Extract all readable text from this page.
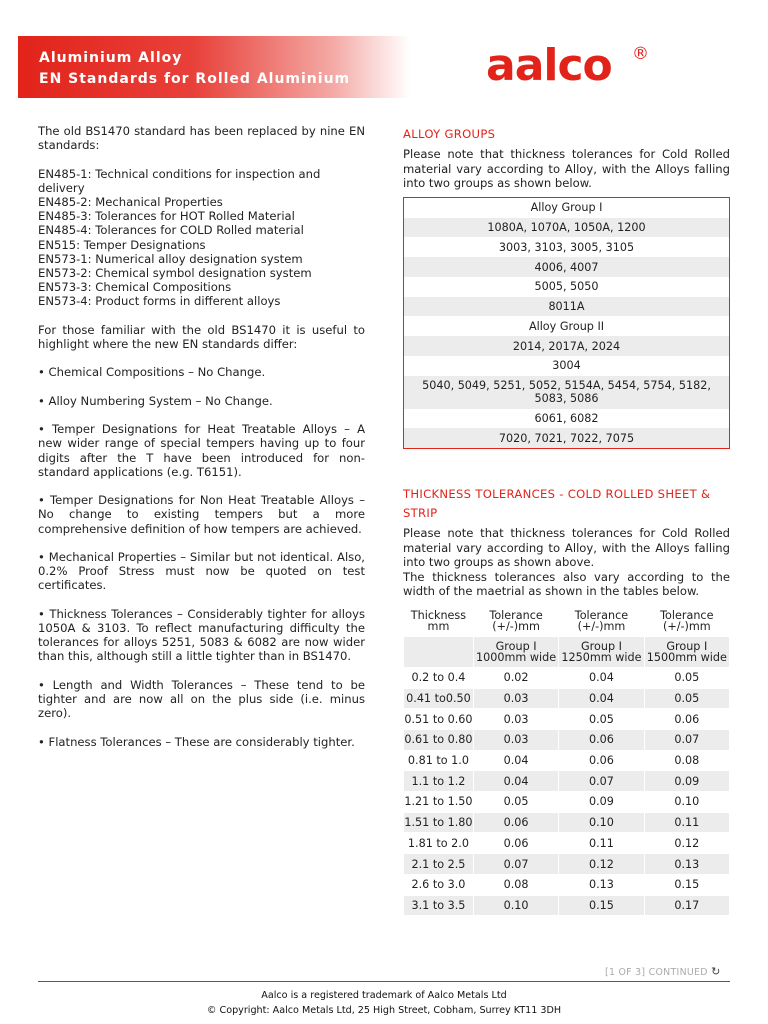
Aluminium Alloy
EN Standards for Rolled Aluminium	aalco ®

The old BS1470 standard has been replaced by nine EN standards:

EN485-1: Technical conditions for inspection and delivery
EN485-2: Mechanical Properties
EN485-3: Tolerances for HOT Rolled Material
EN485-4: Tolerances for COLD Rolled material
EN515: Temper Designations
EN573-1: Numerical alloy designation system
EN573-2: Chemical symbol designation system
EN573-3: Chemical Compositions
EN573-4: Product forms in different alloys

For those familiar with the old BS1470 it is useful to highlight where the new EN standards differ:

• Chemical Compositions – No Change.

• Alloy Numbering System – No Change.

• Temper Designations for Heat Treatable Alloys – A new wider range of special tempers having up to four digits after the T have been introduced for non-standard applications (e.g. T6151).

• Temper Designations for Non Heat Treatable Alloys – No change to existing tempers but a more comprehensive definition of how tempers are achieved.

• Mechanical Properties – Similar but not identical. Also, 0.2% Proof Stress must now be quoted on test certificates.

• Thickness Tolerances – Considerably tighter for alloys 1050A & 3103. To reflect manufacturing difficulty the tolerances for alloys 5251, 5083 & 6082 are now wider than this, although still a little tighter than in BS1470.

• Length and Width Tolerances – These tend to be tighter and are now all on the plus side (i.e. minus zero).

• Flatness Tolerances – These are considerably tighter.

ALLOY GROUPS
Please note that thickness tolerances for Cold Rolled material vary according to Alloy, with the Alloys falling into two groups as shown below.
Alloy Group I
1080A, 1070A, 1050A, 1200
3003, 3103, 3005, 3105
4006, 4007
5005, 5050
8011A
Alloy Group II
2014, 2017A, 2024
3004
5040, 5049, 5251, 5052, 5154A, 5454, 5754, 5182, 5083, 5086
6061, 6082
7020, 7021, 7022, 7075
THICKNESS TOLERANCES - COLD ROLLED SHEET & STRIP
Please note that thickness tolerances for Cold Rolled material vary according to Alloy, with the Alloys falling into two groups as shown above.
The thickness tolerances also vary according to the width of the maetrial as shown in the tables below.
Thickness mm	Tolerance (+/-)mm	Tolerance (+/-)mm	Tolerance (+/-)mm
	Group I 1000mm wide	Group I 1250mm wide	Group I 1500mm wide
0.2 to 0.4	0.02	0.04	0.05
0.41 to0.50	0.03	0.04	0.05
0.51 to 0.60	0.03	0.05	0.06
0.61 to 0.80	0.03	0.06	0.07
0.81 to 1.0	0.04	0.06	0.08
1.1 to 1.2	0.04	0.07	0.09
1.21 to 1.50	0.05	0.09	0.10
1.51 to 1.80	0.06	0.10	0.11
1.81 to 2.0	0.06	0.11	0.12
2.1 to 2.5	0.07	0.12	0.13
2.6 to 3.0	0.08	0.13	0.15
3.1 to 3.5	0.10	0.15	0.17
[1 OF 3] CONTINUED ↻
Aalco is a registered trademark of Aalco Metals Ltd
© Copyright: Aalco Metals Ltd, 25 High Street, Cobham, Surrey KT11 3DH
